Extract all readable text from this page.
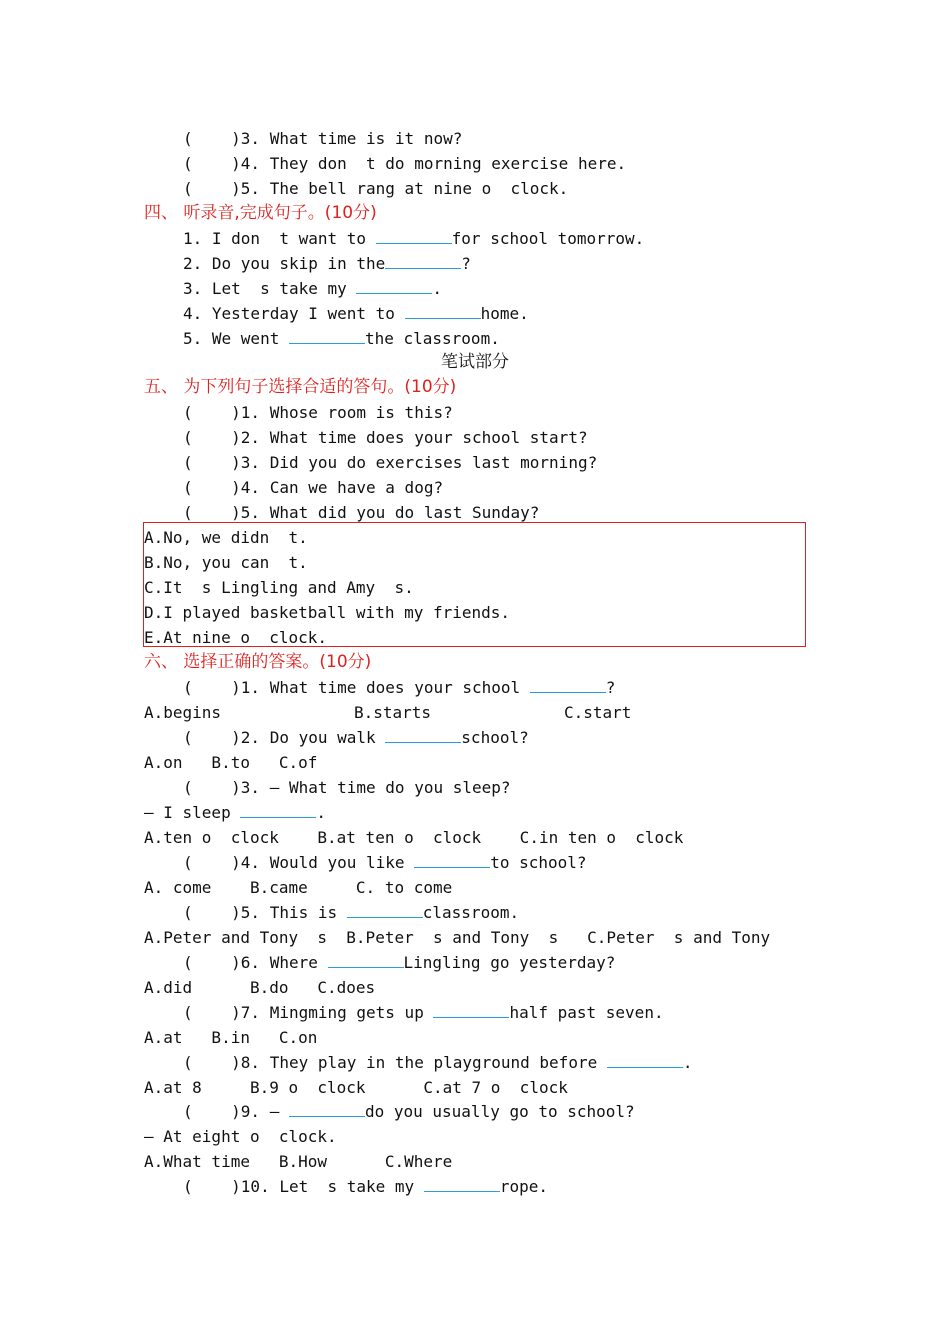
(    )3. What time is it now?
(    )4. They don  t do morning exercise here.
(    )5. The bell rang at nine o  clock.
四、 听录音,完成句子。(10分)
1. I don  t want to	for school tomorrow.
2. Do you skip in the	?
3. Let  s take my	.
4. Yesterday I went to	home.
5. We went	the classroom.
笔试部分
五、 为下列句子选择合适的答句。(10分)
(    )1. Whose room is this?
(    )2. What time does your school start?
(    )3. Did you do exercises last morning?
(    )4. Can we have a dog?
(    )5. What did you do last Sunday?
A.No, we didn  t.
B.No, you can  t.
C.It  s Lingling and Amy  s.
D.I played basketball with my friends.
E.At nine o  clock.
六、 选择正确的答案。(10分)
(    )1. What time does your school	?
A.begins	B.starts	C.start
(    )2. Do you walk	school?
A.on   B.to   C.of
(    )3. — What time do you sleep?
— I sleep	.
A.ten o  clock    B.at ten o  clock    C.in ten o  clock
(    )4. Would you like	to school?
A. come    B.came     C. to come
(    )5. This is	classroom.
A.Peter and Tony  s  B.Peter  s and Tony  s   C.Peter  s and Tony
(    )6. Where	Lingling go yesterday?
A.did      B.do   C.does
(    )7. Mingming gets up	half past seven.
A.at   B.in   C.on
(    )8. They play in the playground before	.
A.at 8     B.9 o  clock      C.at 7 o  clock
(    )9. —	do you usually go to school?
— At eight o  clock.
A.What time   B.How      C.Where
(    )10. Let  s take my	rope.
